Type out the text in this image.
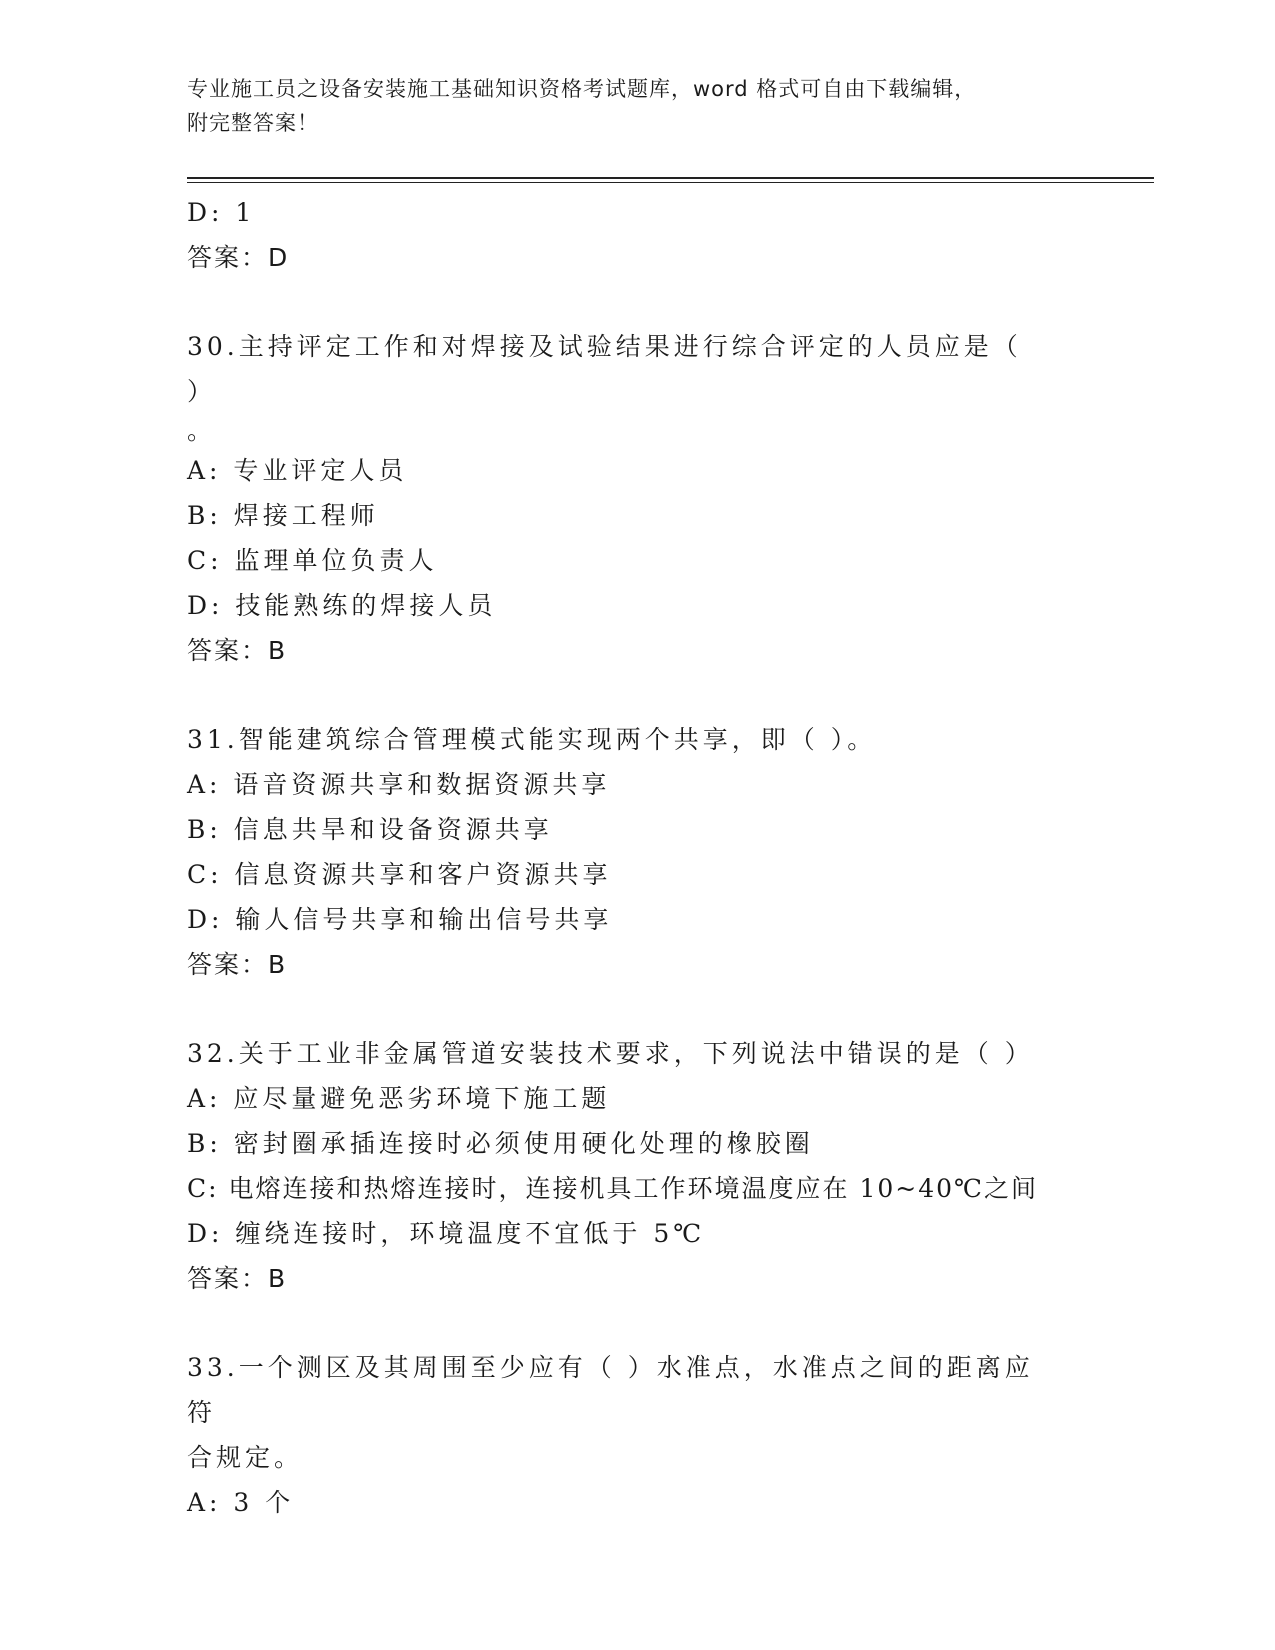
专业施工员之设备安装施工基础知识资格考试题库，word 格式可自由下载编辑，
附完整答案！
D: 1
答案：D
30.主持评定工作和对焊接及试验结果进行综合评定的人员应是（ ）
。
A: 专业评定人员
B: 焊接工程师
C: 监理单位负责人
D: 技能熟练的焊接人员
答案：B
31.智能建筑综合管理模式能实现两个共享，即（ ）。
A: 语音资源共享和数据资源共享
B: 信息共旱和设备资源共享
C: 信息资源共享和客户资源共享
D: 输人信号共享和输出信号共享
答案：B
32.关于工业非金属管道安装技术要求，下列说法中错误的是（ ）
A: 应尽量避免恶劣环境下施工题
B: 密封圈承插连接时必须使用硬化处理的橡胶圈
C: 电熔连接和热熔连接时，连接机具工作环境温度应在 10~40℃之间
D: 缠绕连接时，环境温度不宜低于 5℃
答案：B
33.一个测区及其周围至少应有（ ）水准点，水准点之间的距离应符
合规定。
A: 3 个
